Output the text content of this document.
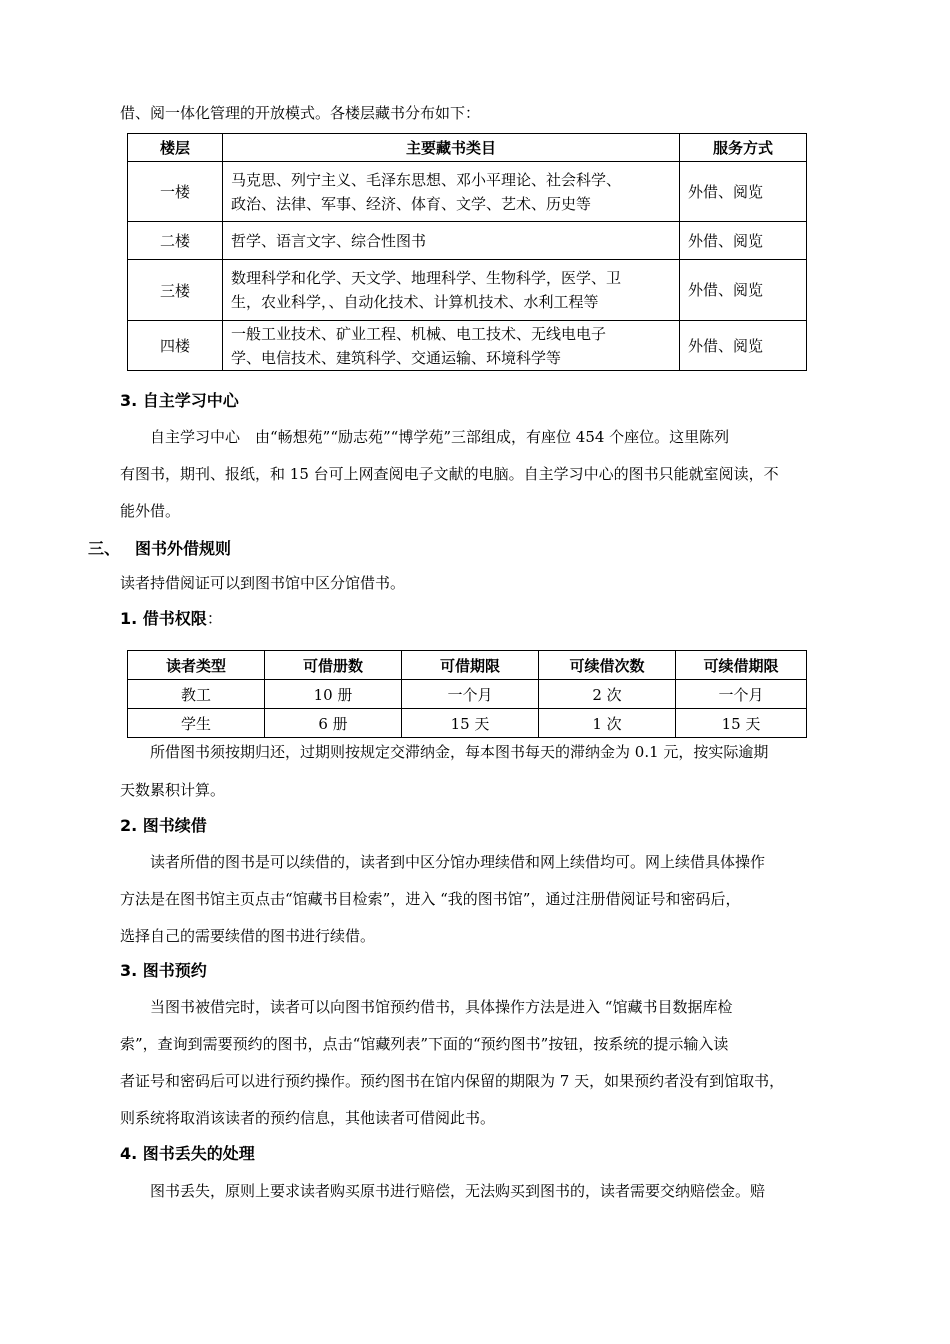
借、阅一体化管理的开放模式。各楼层藏书分布如下：
楼层	主要藏书类目	服务方式
一楼	马克思、列宁主义、毛泽东思想、邓小平理论、社会科学、
政治、法律、军事、经济、体育、文学、艺术、历史等	外借、阅览
二楼	哲学、语言文字、综合性图书	外借、阅览
三楼	数理科学和化学、天文学、地理科学、生物科学，医学、卫
生，农业科学，、自动化技术、计算机技术、水利工程等	外借、阅览
四楼	一般工业技术、矿业工程、机械、电工技术、无线电电子
学、电信技术、建筑科学、交通运输、环境科学等	外借、阅览
3. 自主学习中心
自主学习中心　由“畅想苑”“励志苑”“博学苑”三部组成，有座位 454 个座位。这里陈列
有图书，期刊、报纸，和 15 台可上网查阅电子文献的电脑。自主学习中心的图书只能就室阅读，不
能外借。
三、 图书外借规则
读者持借阅证可以到图书馆中区分馆借书。
1. 借书权限：
读者类型	可借册数	可借期限	可续借次数	可续借期限
教工	10 册	一个月	2 次	一个月
学生	6 册	15 天	1 次	15 天
所借图书须按期归还，过期则按规定交滞纳金，每本图书每天的滞纳金为 0.1 元，按实际逾期
天数累积计算。
2. 图书续借
读者所借的图书是可以续借的，读者到中区分馆办理续借和网上续借均可。网上续借具体操作
方法是在图书馆主页点击“馆藏书目检索”，进入 “我的图书馆”，通过注册借阅证号和密码后，
选择自己的需要续借的图书进行续借。
3. 图书预约
当图书被借完时，读者可以向图书馆预约借书，具体操作方法是进入 “馆藏书目数据库检
索”，查询到需要预约的图书，点击“馆藏列表”下面的“预约图书”按钮，按系统的提示输入读
者证号和密码后可以进行预约操作。预约图书在馆内保留的期限为 7 天，如果预约者没有到馆取书，
则系统将取消该读者的预约信息，其他读者可借阅此书。
4. 图书丢失的处理
图书丢失，原则上要求读者购买原书进行赔偿，无法购买到图书的，读者需要交纳赔偿金。赔
